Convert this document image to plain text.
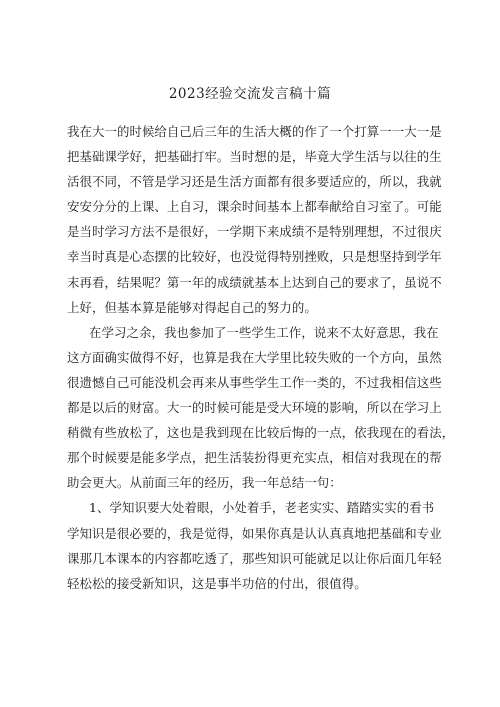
2023经验交流发言稿十篇
我在大一的时候给自己后三年的生活大概的作了一个打算一一大一是
把基础课学好，把基础打牢。当时想的是，毕竟大学生活与以往的生
活很不同，不管是学习还是生活方面都有很多要适应的，所以，我就
安安分分的上课、上自习，课余时间基本上都奉献给自习室了。可能
是当时学习方法不是很好，一学期下来成绩不是特别理想，不过很庆
幸当时真是心态摆的比较好，也没觉得特别挫败，只是想坚持到学年
末再看，结果呢？第一年的成绩就基本上达到自己的要求了，虽说不
上好，但基本算是能够对得起自己的努力的。
在学习之余，我也参加了一些学生工作，说来不太好意思，我在
这方面确实做得不好，也算是我在大学里比较失败的一个方向，虽然
很遗憾自己可能没机会再来从事些学生工作一类的，不过我相信这些
都是以后的财富。大一的时候可能是受大环境的影响，所以在学习上
稍微有些放松了，这也是我到现在比较后悔的一点，依我现在的看法，
那个时候要是能多学点，把生活装扮得更充实点，相信对我现在的帮
助会更大。从前面三年的经历，我一年总结一句：
1、学知识要大处着眼，小处着手，老老实实、踏踏实实的看书
学知识是很必要的，我是觉得，如果你真是认认真真地把基础和专业
课那几本课本的内容都吃透了，那些知识可能就足以让你后面几年轻
轻松松的接受新知识，这是事半功倍的付出，很值得。
